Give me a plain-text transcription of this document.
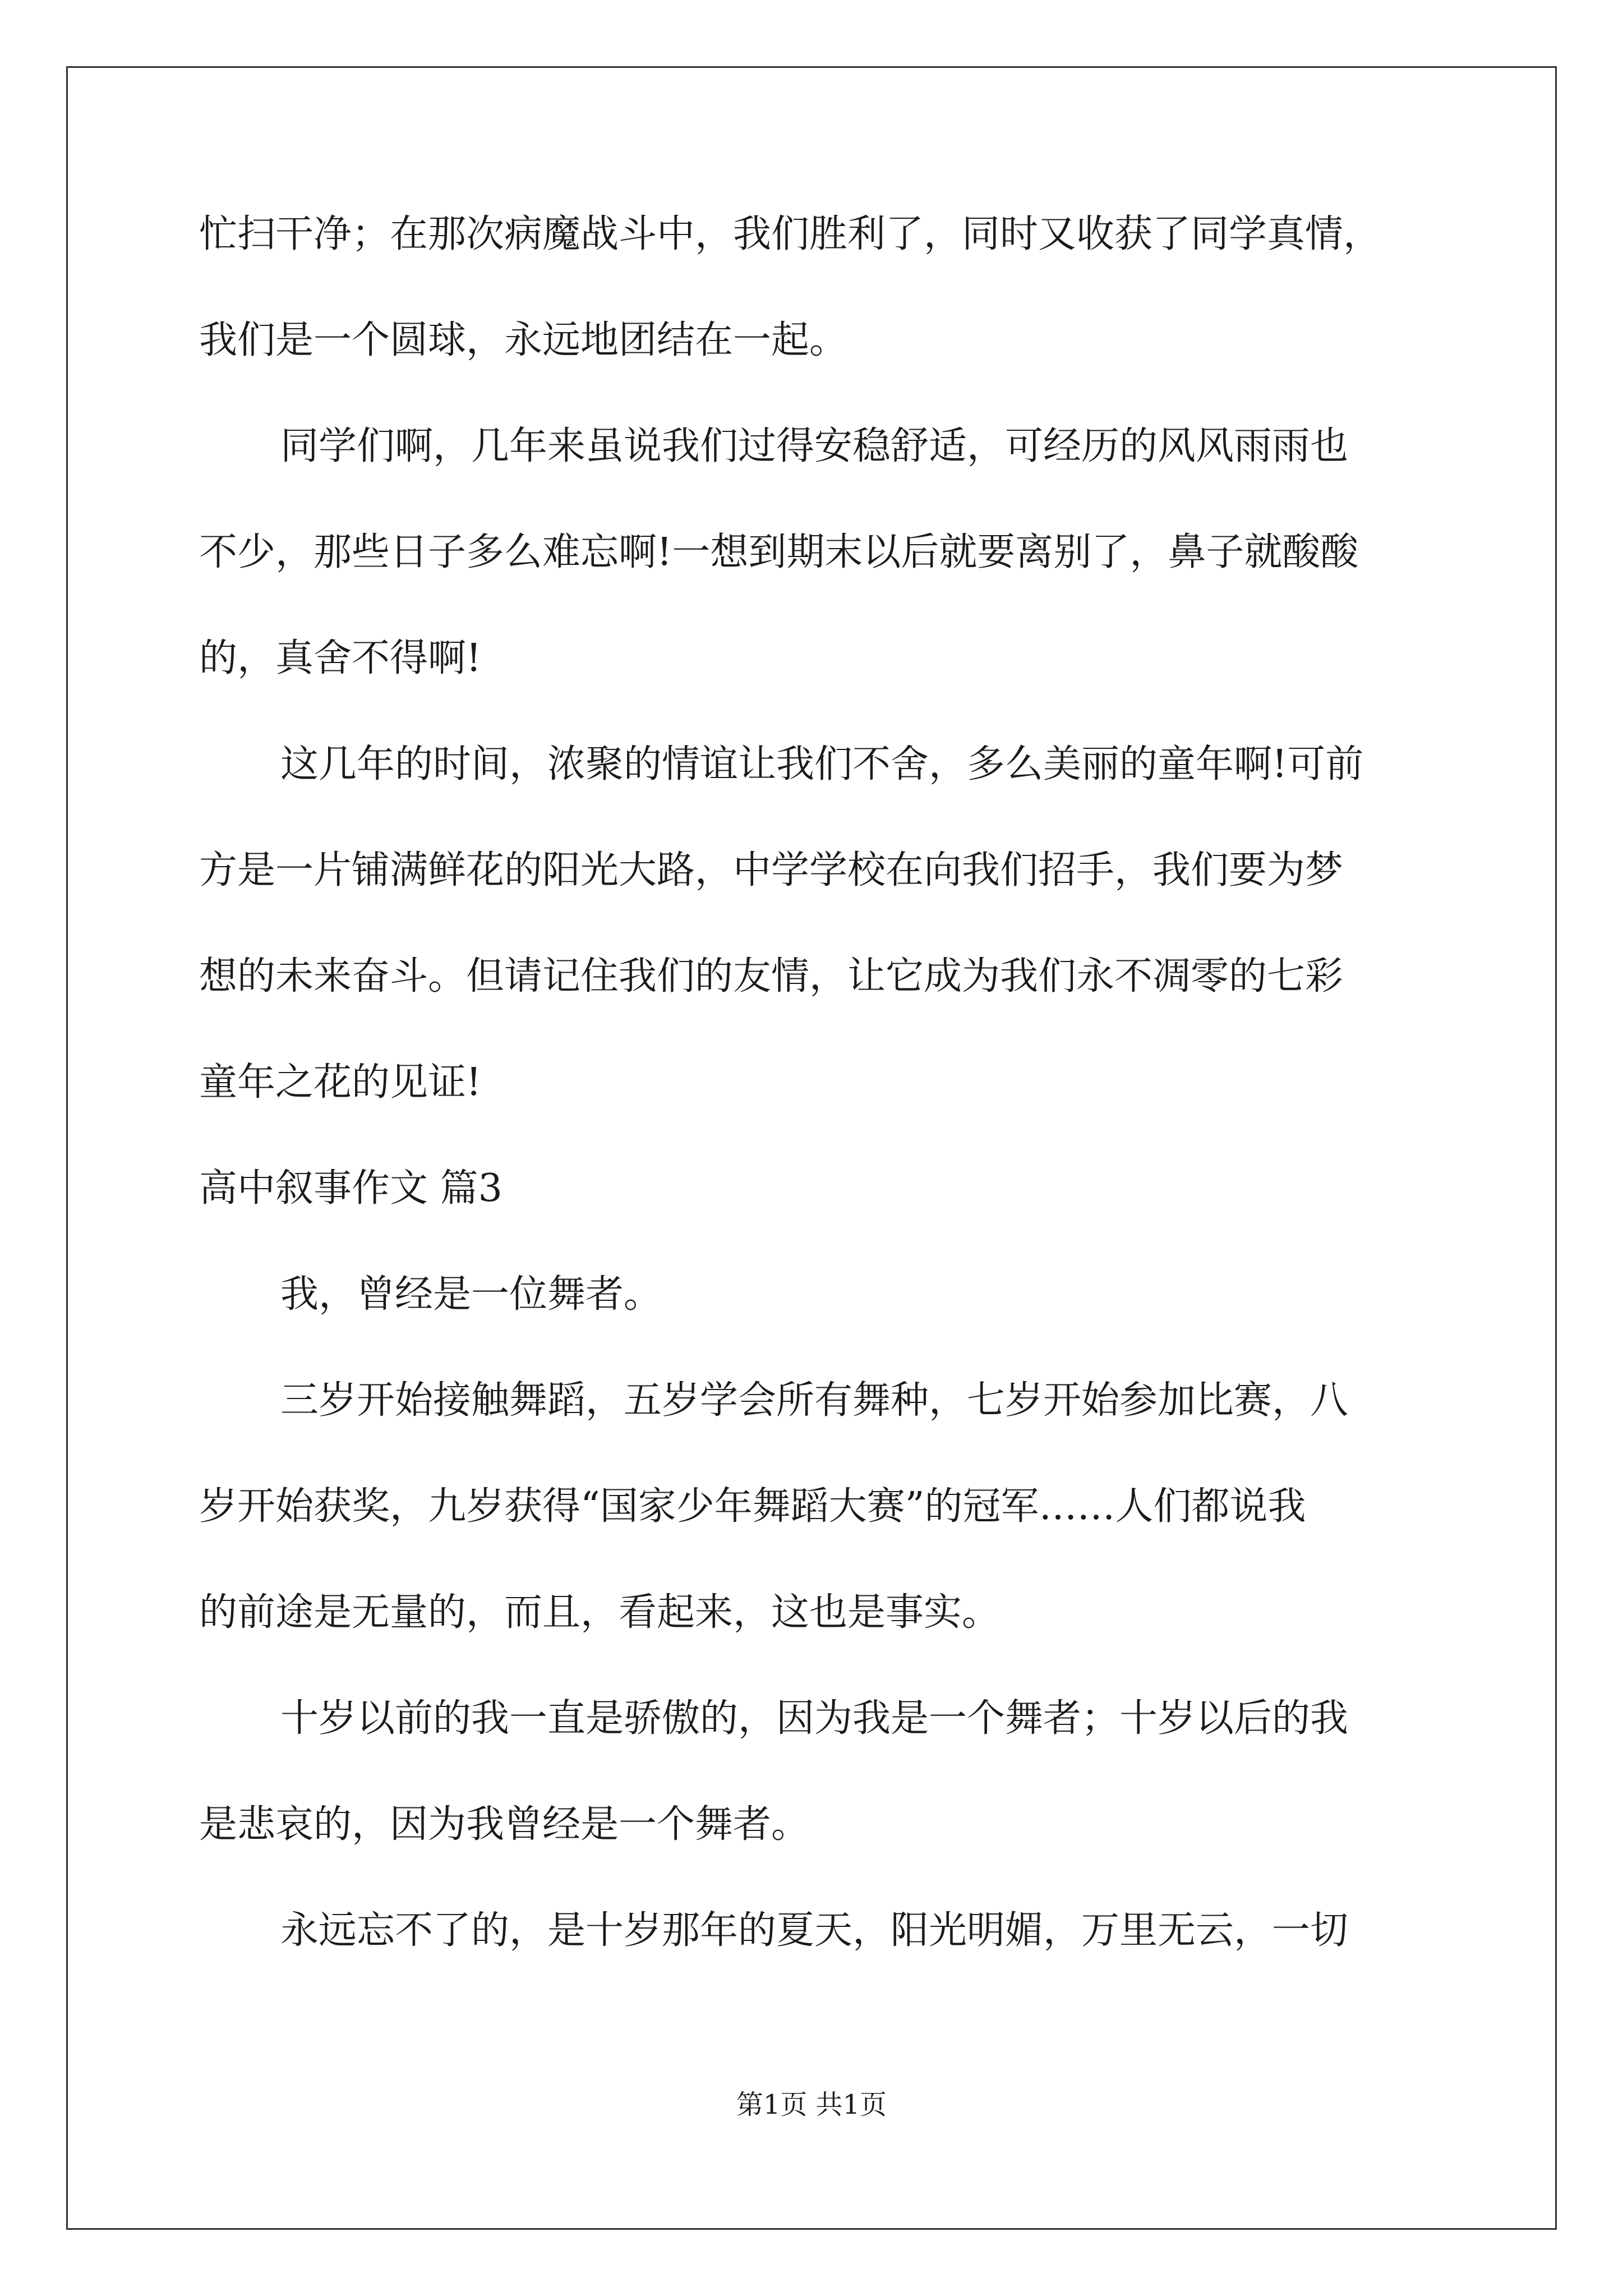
忙扫干净；在那次病魔战斗中，我们胜利了，同时又收获了同学真情，
我们是一个圆球，永远地团结在一起。
同学们啊，几年来虽说我们过得安稳舒适，可经历的风风雨雨也
不少，那些日子多么难忘啊!一想到期末以后就要离别了，鼻子就酸酸
的，真舍不得啊!
这几年的时间，浓聚的情谊让我们不舍，多么美丽的童年啊!可前
方是一片铺满鲜花的阳光大路，中学学校在向我们招手，我们要为梦
想的未来奋斗。但请记住我们的友情，让它成为我们永不凋零的七彩
童年之花的见证!
高中叙事作文 篇3
我，曾经是一位舞者。
三岁开始接触舞蹈，五岁学会所有舞种，七岁开始参加比赛，八
岁开始获奖，九岁获得“国家少年舞蹈大赛”的冠军……人们都说我
的前途是无量的，而且，看起来，这也是事实。
十岁以前的我一直是骄傲的，因为我是一个舞者；十岁以后的我
是悲哀的，因为我曾经是一个舞者。
永远忘不了的，是十岁那年的夏天，阳光明媚，万里无云，一切
第1页 共1页
